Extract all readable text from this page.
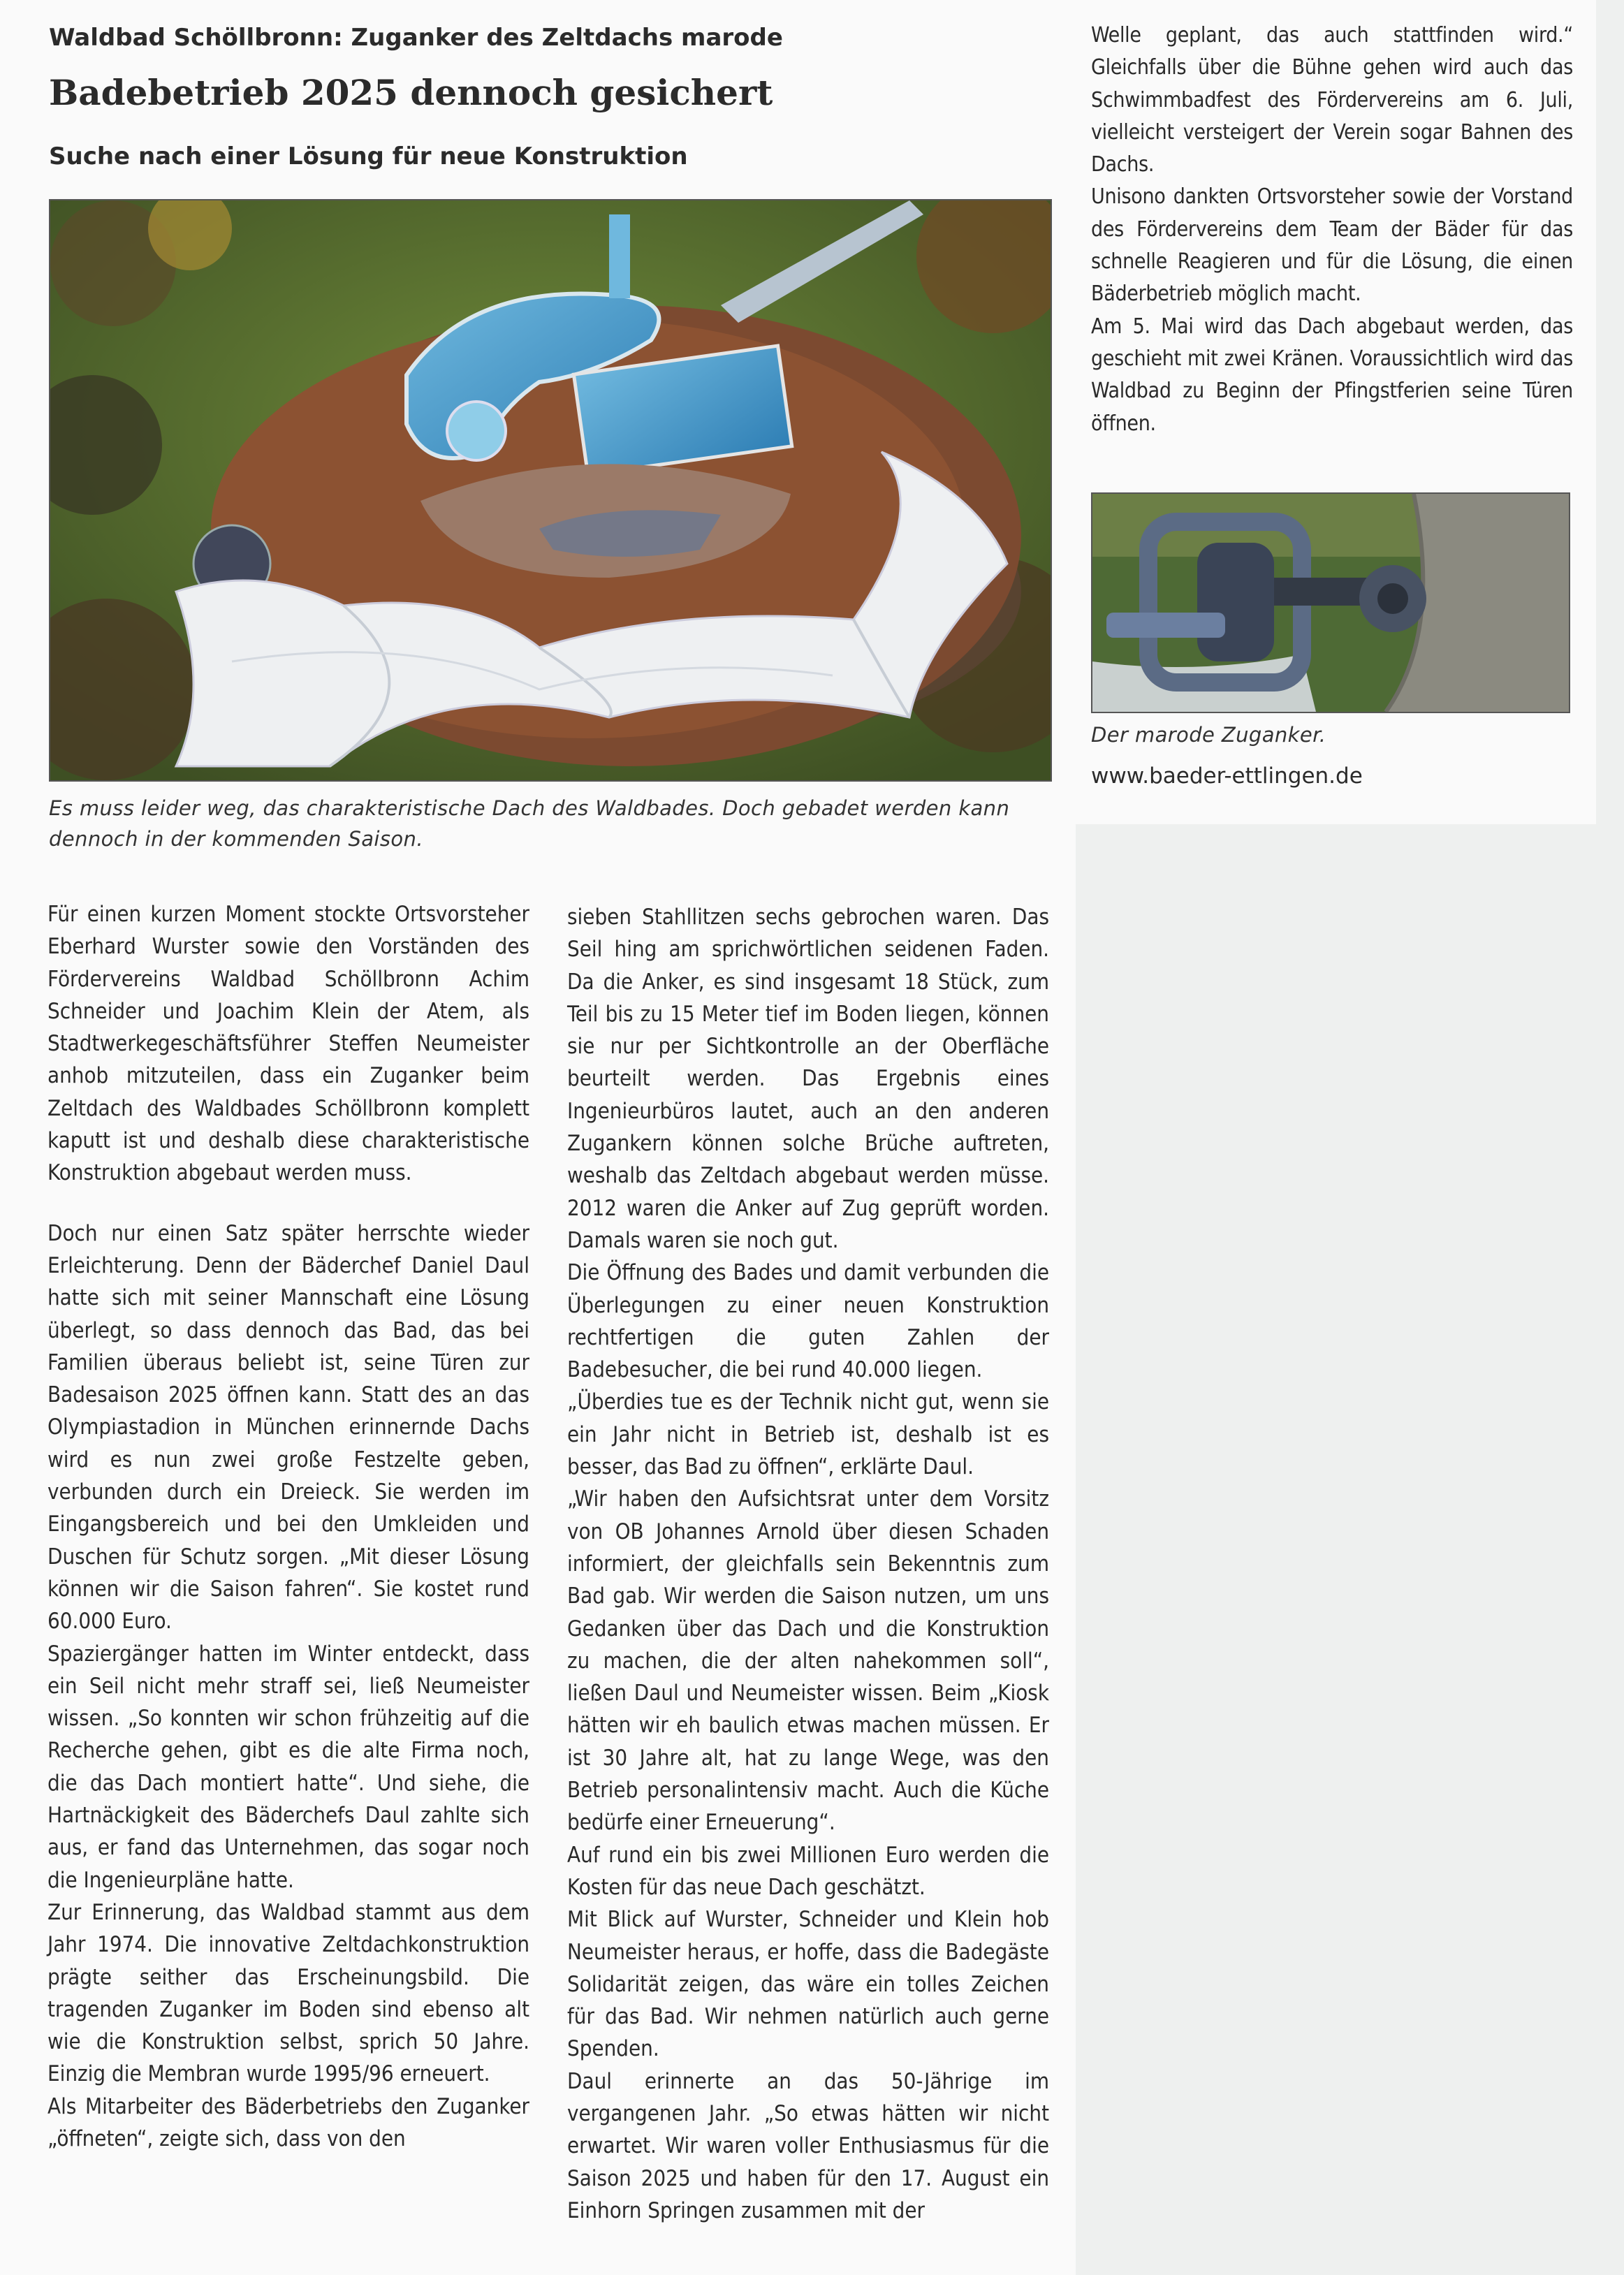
Waldbad Schöllbronn: Zuganker des Zeltdachs marode
Badebetrieb 2025 dennoch gesichert
Suche nach einer Lösung für neue Konstruktion
Es muss leider weg, das charakteristische Dach des Waldbades. Doch gebadet werden kann dennoch in der kommenden Saison.

Für einen kurzen Moment stockte Ortsvorsteher Eberhard Wurster sowie den Vorständen des Fördervereins Waldbad Schöllbronn Achim Schneider und Joachim Klein der Atem, als Stadtwerkegeschäftsführer Steffen Neumeister anhob mitzuteilen, dass ein Zuganker beim Zeltdach des Waldbades Schöllbronn komplett kaputt ist und deshalb diese charakteristische Konstruktion abgebaut werden muss.

Doch nur einen Satz später herrschte wieder Erleichterung. Denn der Bäderchef Daniel Daul hatte sich mit seiner Mannschaft eine Lösung überlegt, so dass dennoch das Bad, das bei Familien überaus beliebt ist, seine Türen zur Badesaison 2025 öffnen kann. Statt des an das Olympiastadion in München erinnernde Dachs wird es nun zwei große Festzelte geben, verbunden durch ein Dreieck. Sie werden im Eingangsbereich und bei den Umkleiden und Duschen für Schutz sorgen. „Mit dieser Lösung können wir die Saison fahren“. Sie kostet rund 60.000 Euro.

Spaziergänger hatten im Winter entdeckt, dass ein Seil nicht mehr straff sei, ließ Neumeister wissen. „So konnten wir schon frühzeitig auf die Recherche gehen, gibt es die alte Firma noch, die das Dach montiert hatte“. Und siehe, die Hartnäckigkeit des Bäderchefs Daul zahlte sich aus, er fand das Unternehmen, das sogar noch die Ingenieurpläne hatte.

Zur Erinnerung, das Waldbad stammt aus dem Jahr 1974. Die innovative Zeltdachkonstruktion prägte seither das Erscheinungsbild. Die tragenden Zuganker im Boden sind ebenso alt wie die Konstruktion selbst, sprich 50 Jahre. Einzig die Membran wurde 1995/96 erneuert.

Als Mitarbeiter des Bäderbetriebs den Zuganker „öffneten“, zeigte sich, dass von den

sieben Stahllitzen sechs gebrochen waren. Das Seil hing am sprichwörtlichen seidenen Faden. Da die Anker, es sind insgesamt 18 Stück, zum Teil bis zu 15 Meter tief im Boden liegen, können sie nur per Sichtkontrolle an der Oberfläche beurteilt werden. Das Ergebnis eines Ingenieurbüros lautet, auch an den anderen Zugankern können solche Brüche auftreten, weshalb das Zeltdach abgebaut werden müsse. 2012 waren die Anker auf Zug geprüft worden. Damals waren sie noch gut.

Die Öffnung des Bades und damit verbunden die Überlegungen zu einer neuen Konstruktion rechtfertigen die guten Zahlen der Badebesucher, die bei rund 40.000 liegen.

„Überdies tue es der Technik nicht gut, wenn sie ein Jahr nicht in Betrieb ist, deshalb ist es besser, das Bad zu öffnen“, erklärte Daul.

„Wir haben den Aufsichtsrat unter dem Vorsitz von OB Johannes Arnold über diesen Schaden informiert, der gleichfalls sein Bekenntnis zum Bad gab. Wir werden die Saison nutzen, um uns Gedanken über das Dach und die Konstruktion zu machen, die der alten nahekommen soll“, ließen Daul und Neumeister wissen. Beim „Kiosk hätten wir eh baulich etwas machen müssen. Er ist 30 Jahre alt, hat zu lange Wege, was den Betrieb personalintensiv macht. Auch die Küche bedürfe einer Erneuerung“.

Auf rund ein bis zwei Millionen Euro werden die Kosten für das neue Dach geschätzt.

Mit Blick auf Wurster, Schneider und Klein hob Neumeister heraus, er hoffe, dass die Badegäste Solidarität zeigen, das wäre ein tolles Zeichen für das Bad. Wir nehmen natürlich auch gerne Spenden.

Daul erinnerte an das 50-Jährige im vergangenen Jahr. „So etwas hätten wir nicht erwartet. Wir waren voller Enthusiasmus für die Saison 2025 und haben für den 17. August ein Einhorn Springen zusammen mit der

Welle geplant, das auch stattfinden wird.“ Gleichfalls über die Bühne gehen wird auch das Schwimmbadfest des Fördervereins am 6. Juli, vielleicht versteigert der Verein sogar Bahnen des Dachs.

Unisono dankten Ortsvorsteher sowie der Vorstand des Fördervereins dem Team der Bäder für das schnelle Reagieren und für die Lösung, die einen Bäderbetrieb möglich macht.

Am 5. Mai wird das Dach abgebaut werden, das geschieht mit zwei Kränen. Voraussichtlich wird das Waldbad zu Beginn der Pfingstferien seine Türen öffnen.

Der marode Zuganker.
www.baeder-ettlingen.de
